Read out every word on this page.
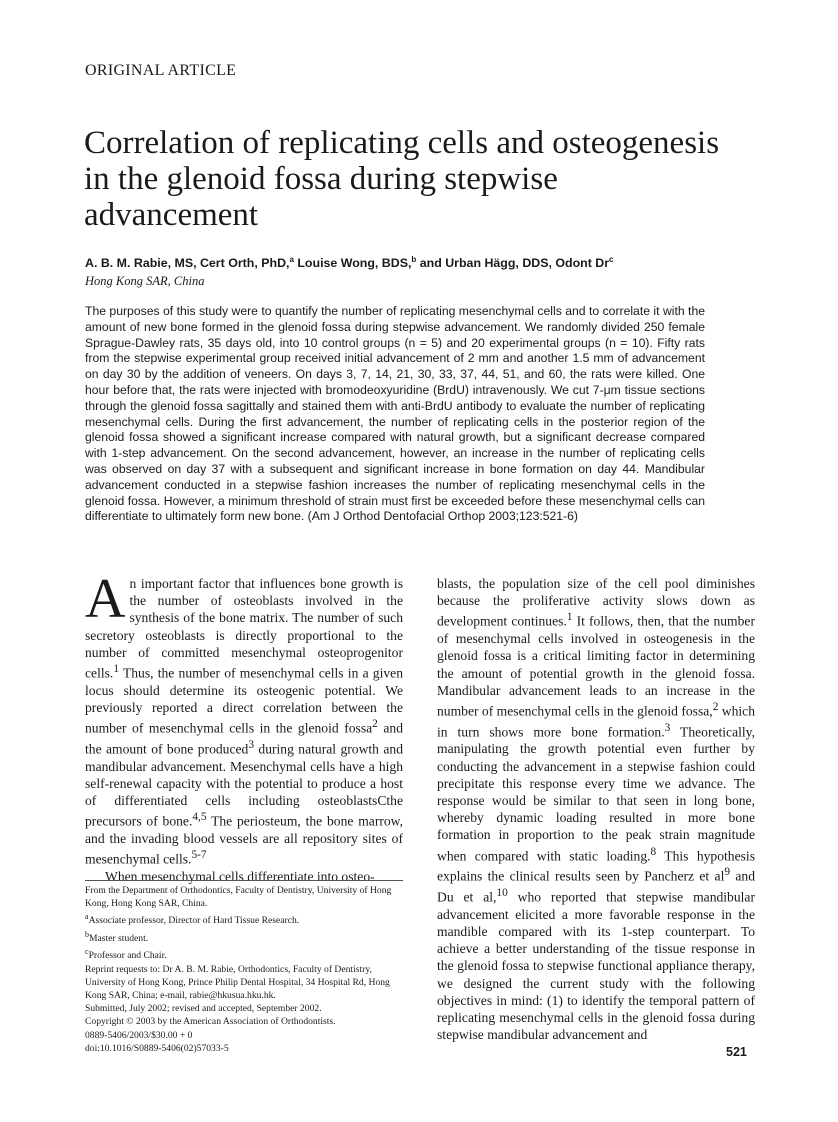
ORIGINAL ARTICLE
Correlation of replicating cells and osteogenesis in the glenoid fossa during stepwise advancement
A. B. M. Rabie, MS, Cert Orth, PhD,$^a$ Louise Wong, BDS,$^b$ and Urban Hägg, DDS, Odont Dr$^c$
Hong Kong SAR, China
The purposes of this study were to quantify the number of replicating mesenchymal cells and to correlate it with the amount of new bone formed in the glenoid fossa during stepwise advancement. We randomly divided 250 female Sprague-Dawley rats, 35 days old, into 10 control groups (n = 5) and 20 experimental groups (n = 10). Fifty rats from the stepwise experimental group received initial advancement of 2 mm and another 1.5 mm of advancement on day 30 by the addition of veneers. On days 3, 7, 14, 21, 30, 33, 37, 44, 51, and 60, the rats were killed. One hour before that, the rats were injected with bromodeoxyuridine (BrdU) intravenously. We cut 7-μm tissue sections through the glenoid fossa sagittally and stained them with anti-BrdU antibody to evaluate the number of replicating mesenchymal cells. During the first advancement, the number of replicating cells in the posterior region of the glenoid fossa showed a significant increase compared with natural growth, but a significant decrease compared with 1-step advancement. On the second advancement, however, an increase in the number of replicating cells was observed on day 37 with a subsequent and significant increase in bone formation on day 44. Mandibular advancement conducted in a stepwise fashion increases the number of replicating mesenchymal cells in the glenoid fossa. However, a minimum threshold of strain must first be exceeded before these mesenchymal cells can differentiate to ultimately form new bone. (Am J Orthod Dentofacial Orthop 2003;123:521-6)

An important factor that influences bone growth is the number of osteoblasts involved in the synthesis of the bone matrix. The number of such secretory osteoblasts is directly proportional to the number of committed mesenchymal osteoprogenitor cells.$^1$ Thus, the number of mesenchymal cells in a given locus should determine its osteogenic potential. We previously reported a direct correlation between the number of mesenchymal cells in the glenoid fossa$^2$ and the amount of bone produced$^3$ during natural growth and mandibular advancement. Mesenchymal cells have a high self-renewal capacity with the potential to produce a host of differentiated cells including osteoblastsCthe precursors of bone.$^{4,5}$ The periosteum, the bone marrow, and the invading blood vessels are all repository sites of mesenchymal cells.$^{5-7}$

When mesenchymal cells differentiate into osteo-

From the Department of Orthodontics, Faculty of Dentistry, University of Hong Kong, Hong Kong SAR, China.
$^a$Associate professor, Director of Hard Tissue Research.
$^b$Master student.
$^c$Professor and Chair.
Reprint requests to: Dr A. B. M. Rabie, Orthodontics, Faculty of Dentistry, University of Hong Kong, Prince Philip Dental Hospital, 34 Hospital Rd, Hong Kong SAR, China; e-mail, rabie@hkusua.hku.hk.
Submitted, July 2002; revised and accepted, September 2002.
Copyright © 2003 by the American Association of Orthodontists.
0889-5406/2003/$30.00 + 0
doi:10.1016/S0889-5406(02)57033-5

blasts, the population size of the cell pool diminishes because the proliferative activity slows down as development continues.$^1$ It follows, then, that the number of mesenchymal cells involved in osteogenesis in the glenoid fossa is a critical limiting factor in determining the amount of potential growth in the glenoid fossa. Mandibular advancement leads to an increase in the number of mesenchymal cells in the glenoid fossa,$^2$ which in turn shows more bone formation.$^3$ Theoretically, manipulating the growth potential even further by conducting the advancement in a stepwise fashion could precipitate this response every time we advance. The response would be similar to that seen in long bone, whereby dynamic loading resulted in more bone formation in proportion to the peak strain magnitude when compared with static loading.$^8$ This hypothesis explains the clinical results seen by Pancherz et $al^9$ and Du et al,$^{10}$ who reported that stepwise mandibular advancement elicited a more favorable response in the mandible compared with its 1-step counterpart. To achieve a better understanding of the tissue response in the glenoid fossa to stepwise functional appliance therapy, we designed the current study with the following objectives in mind: (1) to identify the temporal pattern of replicating mesenchymal cells in the glenoid fossa during stepwise mandibular advancement and

521
